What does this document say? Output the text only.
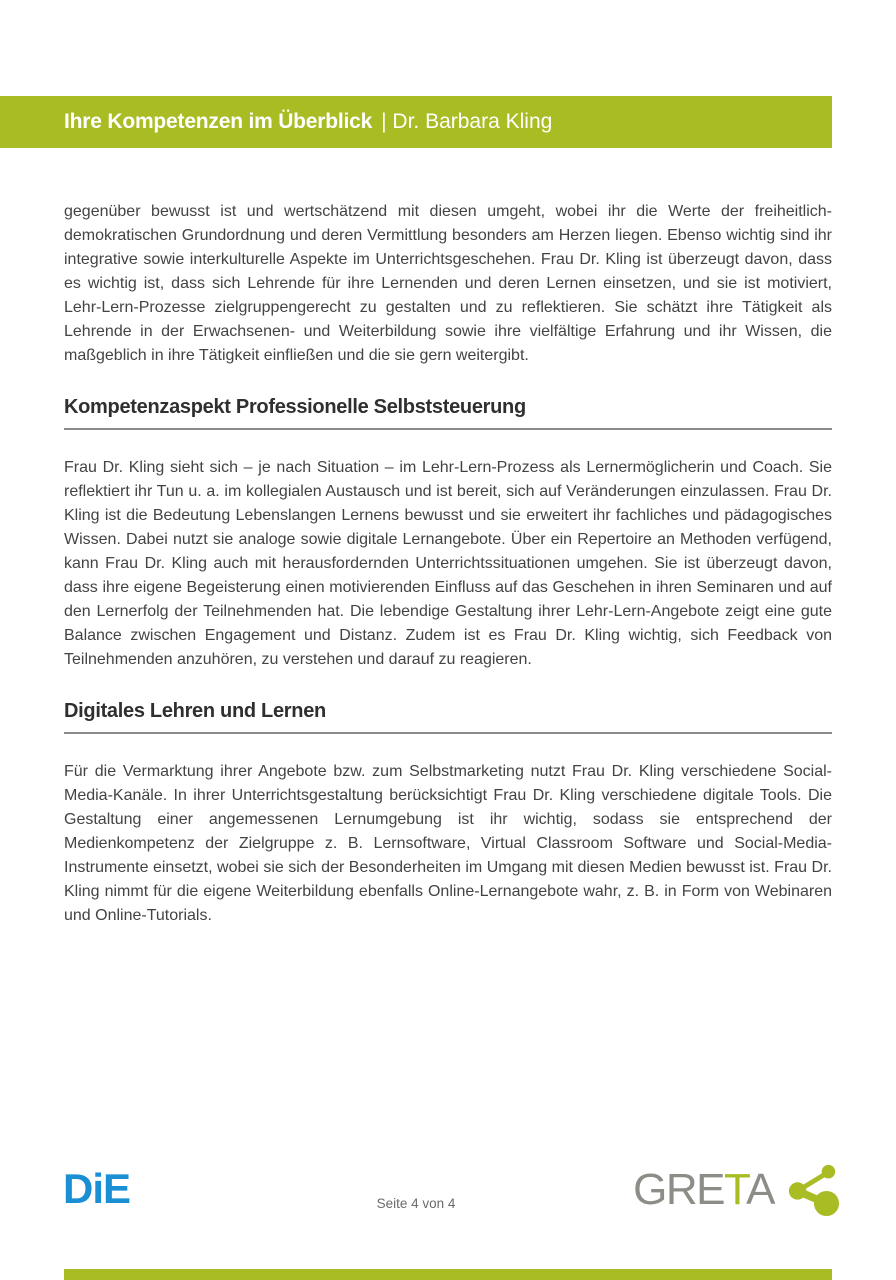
Ihre Kompetenzen im Überblick | Dr. Barbara Kling

gegenüber bewusst ist und wertschätzend mit diesen umgeht, wobei ihr die Werte der freiheitlich-demokratischen Grundordnung und deren Vermittlung besonders am Herzen liegen. Ebenso wichtig sind ihr integrative sowie interkulturelle Aspekte im Unterrichtsgeschehen. Frau Dr. Kling ist überzeugt davon, dass es wichtig ist, dass sich Lehrende für ihre Lernenden und deren Lernen einsetzen, und sie ist motiviert, Lehr-Lern-Prozesse zielgruppengerecht zu gestalten und zu reflektieren. Sie schätzt ihre Tätigkeit als Lehrende in der Erwachsenen- und Weiterbildung sowie ihre vielfältige Erfahrung und ihr Wissen, die maßgeblich in ihre Tätigkeit einfließen und die sie gern weitergibt.

Kompetenzaspekt Professionelle Selbststeuerung

Frau Dr. Kling sieht sich – je nach Situation – im Lehr-Lern-Prozess als Lernermöglicherin und Coach. Sie reflektiert ihr Tun u. a. im kollegialen Austausch und ist bereit, sich auf Veränderungen einzulassen. Frau Dr. Kling ist die Bedeutung Lebenslangen Lernens bewusst und sie erweitert ihr fachliches und pädagogisches Wissen. Dabei nutzt sie analoge sowie digitale Lernangebote. Über ein Repertoire an Methoden verfügend, kann Frau Dr. Kling auch mit herausfordernden Unterrichtssituationen umgehen. Sie ist überzeugt davon, dass ihre eigene Begeisterung einen motivierenden Einfluss auf das Geschehen in ihren Seminaren und auf den Lernerfolg der Teilnehmenden hat. Die lebendige Gestaltung ihrer Lehr-Lern-Angebote zeigt eine gute Balance zwischen Engagement und Distanz. Zudem ist es Frau Dr. Kling wichtig, sich Feedback von Teilnehmenden anzuhören, zu verstehen und darauf zu reagieren.

Digitales Lehren und Lernen

Für die Vermarktung ihrer Angebote bzw. zum Selbstmarketing nutzt Frau Dr. Kling verschiedene Social-Media-Kanäle. In ihrer Unterrichtsgestaltung berücksichtigt Frau Dr. Kling verschiedene digitale Tools. Die Gestaltung einer angemessenen Lernumgebung ist ihr wichtig, sodass sie entsprechend der Medienkompetenz der Zielgruppe z. B. Lernsoftware, Virtual Classroom Software und Social-Media-Instrumente einsetzt, wobei sie sich der Besonderheiten im Umgang mit diesen Medien bewusst ist. Frau Dr. Kling nimmt für die eigene Weiterbildung ebenfalls Online-Lernangebote wahr, z. B. in Form von Webinaren und Online-Tutorials.

DiE	Seite 4 von 4	GRETA
